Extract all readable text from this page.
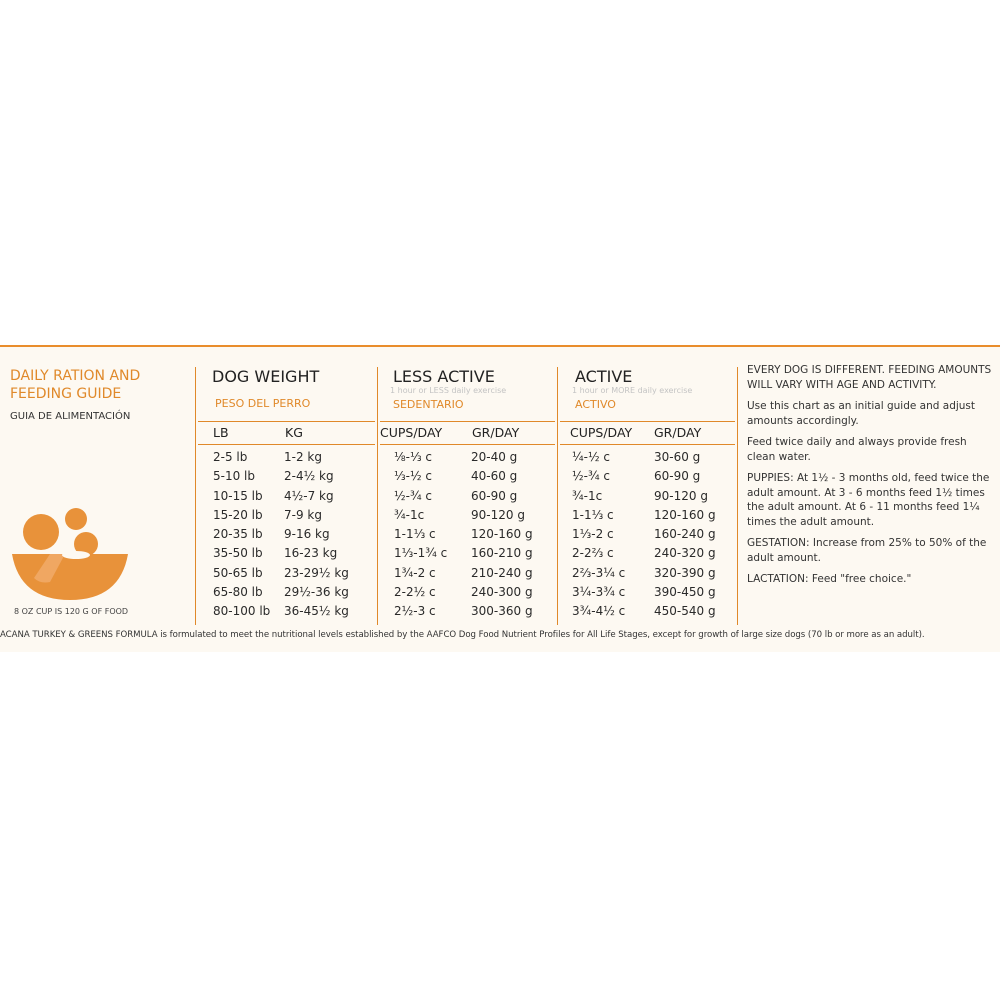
DAILY RATION AND
FEEDING GUIDE
GUIA DE ALIMENTACIÓN
8 OZ CUP IS 120 G OF FOOD
DOG WEIGHT
PESO DEL PERRO
LESS ACTIVE
1 hour or LESS daily exercise
SEDENTARIO
ACTIVE
1 hour or MORE daily exercise
ACTIVO
LB	KG	CUPS/DAY GR/DAY	CUPS/DAY GR/DAY
2-5 lb	1-2 kg	⅛-⅓ c	20-40 g	¼-½ c	30-60 g
5-10 lb 2-4½ kg	⅓-½ c	40-60 g	½-¾ c	60-90 g
10-15 lb 4½-7 kg	½-¾ c	60-90 g	¾-1c	90-120 g
15-20 lb 7-9 kg	¾-1c	90-120 g	1-1⅓ c	120-160 g
20-35 lb 9-16 kg	1-1⅓ c	120-160 g	1⅓-2 c	160-240 g
35-50 lb 16-23 kg	1⅓-1¾ c 160-210 g	2-2⅔ c	240-320 g
50-65 lb 23-29½ kg	1¾-2 c	210-240 g	2⅔-3¼ c 320-390 g
65-80 lb 29½-36 kg	2-2½ c	240-300 g	3¼-3¾ c 390-450 g
80-100 lb 36-45½ kg	2½-3 c	300-360 g	3¾-4½ c 450-540 g

EVERY DOG IS DIFFERENT. FEEDING AMOUNTS WILL VARY WITH AGE AND ACTIVITY.

Use this chart as an initial guide and adjust amounts accordingly.

Feed twice daily and always provide fresh clean water.

PUPPIES: At 1½ - 3 months old, feed twice the adult amount. At 3 - 6 months feed 1½ times the adult amount. At 6 - 11 months feed 1¼ times the adult amount.

GESTATION: Increase from 25% to 50% of the adult amount.

LACTATION: Feed "free choice."

ACANA TURKEY & GREENS FORMULA is formulated to meet the nutritional levels established by the AAFCO Dog Food Nutrient Profiles for All Life Stages, except for growth of large size dogs (70 lb or more as an adult).
